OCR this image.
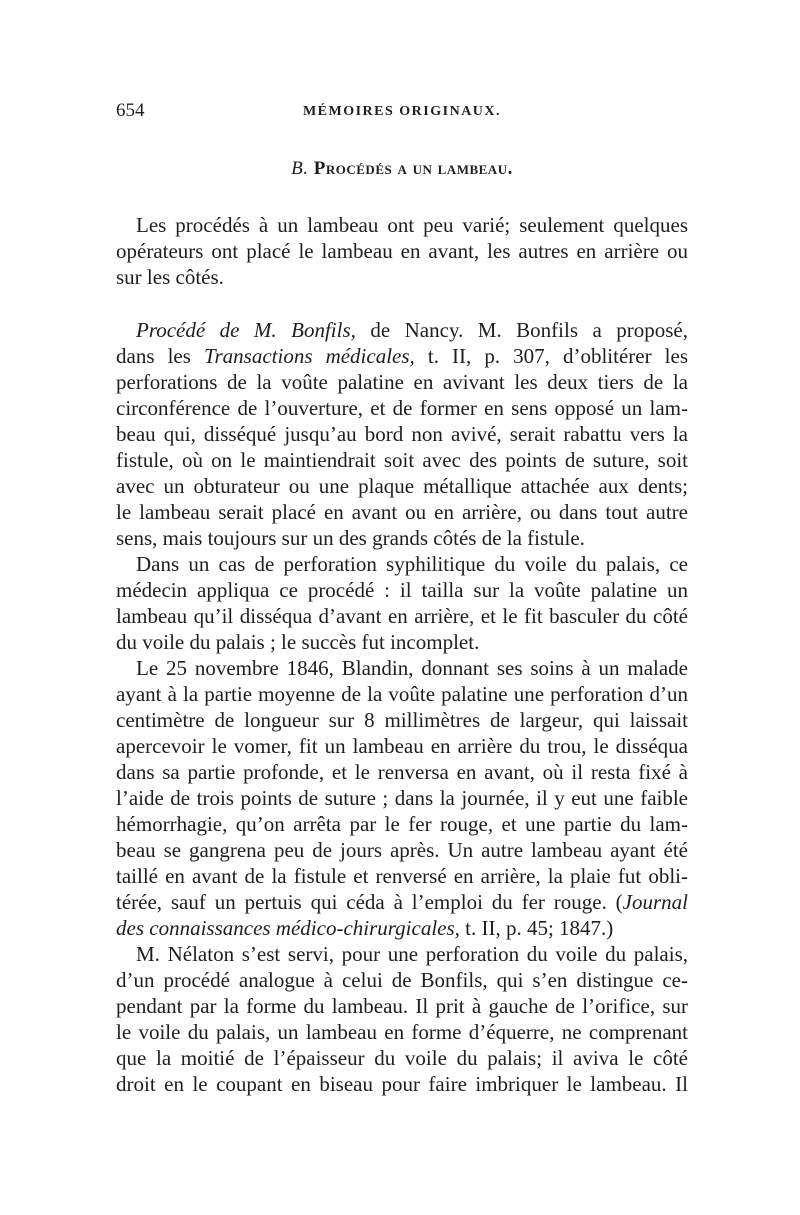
654	MÉMOIRES ORIGINAUX.
B. Procédés a un lambeau.
Les procédés à un lambeau ont peu varié; seulement quelques
opérateurs ont placé le lambeau en avant, les autres en arrière ou
sur les côtés.
Procédé de M. Bonfils, de Nancy. M. Bonfils a proposé,
dans les Transactions médicales, t. II, p. 307, d’oblitérer les
perforations de la voûte palatine en avivant les deux tiers de la
circonférence de l’ouverture, et de former en sens opposé un lam-
beau qui, disséqué jusqu’au bord non avivé, serait rabattu vers la
fistule, où on le maintiendrait soit avec des points de suture, soit
avec un obturateur ou une plaque métallique attachée aux dents;
le lambeau serait placé en avant ou en arrière, ou dans tout autre
sens, mais toujours sur un des grands côtés de la fistule.
Dans un cas de perforation syphilitique du voile du palais, ce
médecin appliqua ce procédé : il tailla sur la voûte palatine un
lambeau qu’il disséqua d’avant en arrière, et le fit basculer du côté
du voile du palais ; le succès fut incomplet.
Le 25 novembre 1846, Blandin, donnant ses soins à un malade
ayant à la partie moyenne de la voûte palatine une perforation d’un
centimètre de longueur sur 8 millimètres de largeur, qui laissait
apercevoir le vomer, fit un lambeau en arrière du trou, le disséqua
dans sa partie profonde, et le renversa en avant, où il resta fixé à
l’aide de trois points de suture ; dans la journée, il y eut une faible
hémorrhagie, qu’on arrêta par le fer rouge, et une partie du lam-
beau se gangrena peu de jours après. Un autre lambeau ayant été
taillé en avant de la fistule et renversé en arrière, la plaie fut obli-
térée, sauf un pertuis qui céda à l’emploi du fer rouge. (Journal
des connaissances médico-chirurgicales, t. II, p. 45; 1847.)
M. Nélaton s’est servi, pour une perforation du voile du palais,
d’un procédé analogue à celui de Bonfils, qui s’en distingue ce-
pendant par la forme du lambeau. Il prit à gauche de l’orifice, sur
le voile du palais, un lambeau en forme d’équerre, ne comprenant
que la moitié de l’épaisseur du voile du palais; il aviva le côté
droit en le coupant en biseau pour faire imbriquer le lambeau. Il
